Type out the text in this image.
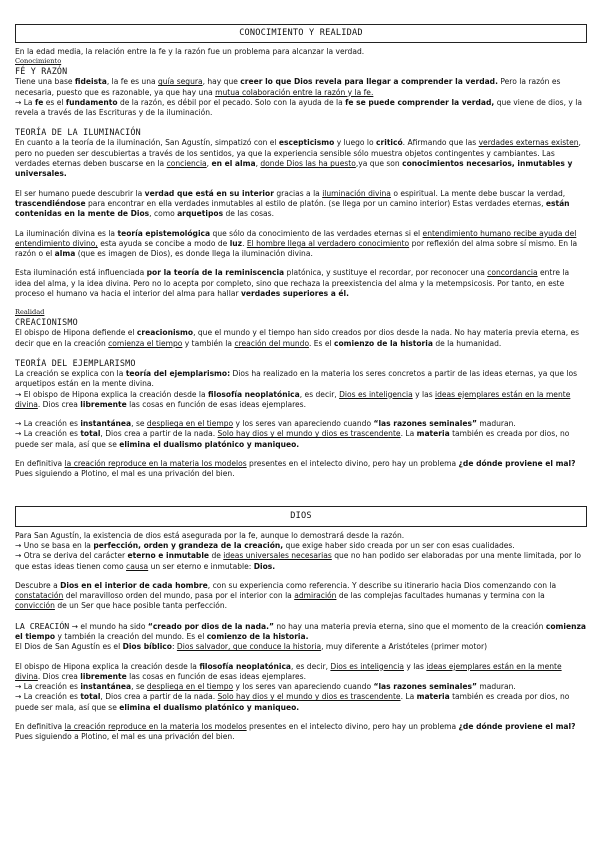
CONOCIMIENTO Y REALIDAD

En la edad media, la relación entre la fe y la razón fue un problema para alcanzar la verdad.

Conocimiento

FÉ Y RAZÓN

Tiene una base fideista, la fe es una guía segura, hay que creer lo que Dios revela para llegar a comprender la verdad. Pero la razón es necesaria, puesto que es razonable, ya que hay una mutua colaboración entre la razón y la fe.

→ La fe es el fundamento de la razón, es débil por el pecado. Solo con la ayuda de la fe se puede comprender la verdad, que viene de dios, y la revela a través de las Escrituras y de la iluminación.

TEORÍA DE LA ILUMINACIÓN

En cuanto a la teoría de la iluminación, San Agustín, simpatizó con el escepticismo y luego lo criticó. Afirmando que las verdades externas existen, pero no pueden ser descubiertas a través de los sentidos, ya que la experiencia sensible sólo muestra objetos contingentes y cambiantes. Las verdades eternas deben buscarse en la conciencia, en el alma, donde Dios las ha puesto,ya que son conocimientos necesarios, inmutables y universales.

El ser humano puede descubrir la verdad que está en su interior gracias a la iluminación divina o espiritual. La mente debe buscar la verdad, trascendiéndose para encontrar en ella verdades inmutables al estilo de platón. (se llega por un camino interior) Estas verdades eternas, están contenidas en la mente de Dios, como arquetipos de las cosas.

La iluminación divina es la teoría epistemológica que sólo da conocimiento de las verdades eternas si el entendimiento humano recibe ayuda del entendimiento divino, esta ayuda se concibe a modo de luz. El hombre llega al verdadero conocimiento por reflexión del alma sobre sí mismo. En la razón o el alma (que es imagen de Dios), es donde llega la iluminación divina.

Esta iluminación está influenciada por la teoría de la reminiscencia platónica, y sustituye el recordar, por reconocer una concordancia entre la idea del alma, y la idea divina. Pero no lo acepta por completo, sino que rechaza la preexistencia del alma y la metempsicosis. Por tanto, en este proceso el humano va hacia el interior del alma para hallar verdades superiores a él.

Realidad

CREACIONISMO

El obispo de Hipona defiende el creacionismo, que el mundo y el tiempo han sido creados por dios desde la nada. No hay materia previa eterna, es decir que en la creación comienza el tiempo y también la creación del mundo. Es el comienzo de la historia de la humanidad.

TEORÍA DEL EJEMPLARISMO

La creación se explica con la teoría del ejemplarismo: Dios ha realizado en la materia los seres concretos a partir de las ideas eternas, ya que los arquetipos están en la mente divina.

→ El obispo de Hipona explica la creación desde la filosofía neoplatónica, es decir, Dios es inteligencia y las ideas ejemplares están en la mente divina. Dios crea libremente las cosas en función de esas ideas ejemplares.

→ La creación es instantánea, se despliega en el tiempo y los seres van apareciendo cuando “las razones seminales” maduran.

→ La creación es total, Dios crea a partir de la nada. Solo hay dios y el mundo y dios es trascendente. La materia también es creada por dios, no puede ser mala, así que se elimina el dualismo platónico y maniqueo.

En definitiva la creación reproduce en la materia los modelos presentes en el intelecto divino, pero hay un problema ¿de dónde proviene el mal? Pues siguiendo a Plotino, el mal es una privación del bien.

DIOS

Para San Agustín, la existencia de dios está asegurada por la fe, aunque lo demostrará desde la razón.

→ Uno se basa en la perfección, orden y grandeza de la creación, que exige haber sido creada por un ser con esas cualidades.

→ Otra se deriva del carácter eterno e inmutable de ideas universales necesarias que no han podido ser elaboradas por una mente limitada, por lo que estas ideas tienen como causa un ser eterno e inmutable: Dios.

Descubre a Dios en el interior de cada hombre, con su experiencia como referencia. Y describe su itinerario hacia Dios comenzando con la constatación del maravilloso orden del mundo, pasa por el interior con la admiración de las complejas facultades humanas y termina con la convicción de un Ser que hace posible tanta perfección.

LA CREACIÓN → el mundo ha sido “creado por dios de la nada.” no hay una materia previa eterna, sino que el momento de la creación comienza el tiempo y también la creación del mundo. Es el comienzo de la historia.

El Dios de San Agustín es el Dios bíblico: Dios salvador, que conduce la historia, muy diferente a Aristóteles (primer motor)

El obispo de Hipona explica la creación desde la filosofía neoplatónica, es decir, Dios es inteligencia y las ideas ejemplares están en la mente divina. Dios crea libremente las cosas en función de esas ideas ejemplares.

→ La creación es instantánea, se despliega en el tiempo y los seres van apareciendo cuando “las razones seminales” maduran.

→ La creación es total, Dios crea a partir de la nada. Solo hay dios y el mundo y dios es trascendente. La materia también es creada por dios, no puede ser mala, así que se elimina el dualismo platónico y maniqueo.

En definitiva la creación reproduce en la materia los modelos presentes en el intelecto divino, pero hay un problema ¿de dónde proviene el mal? Pues siguiendo a Plotino, el mal es una privación del bien.
